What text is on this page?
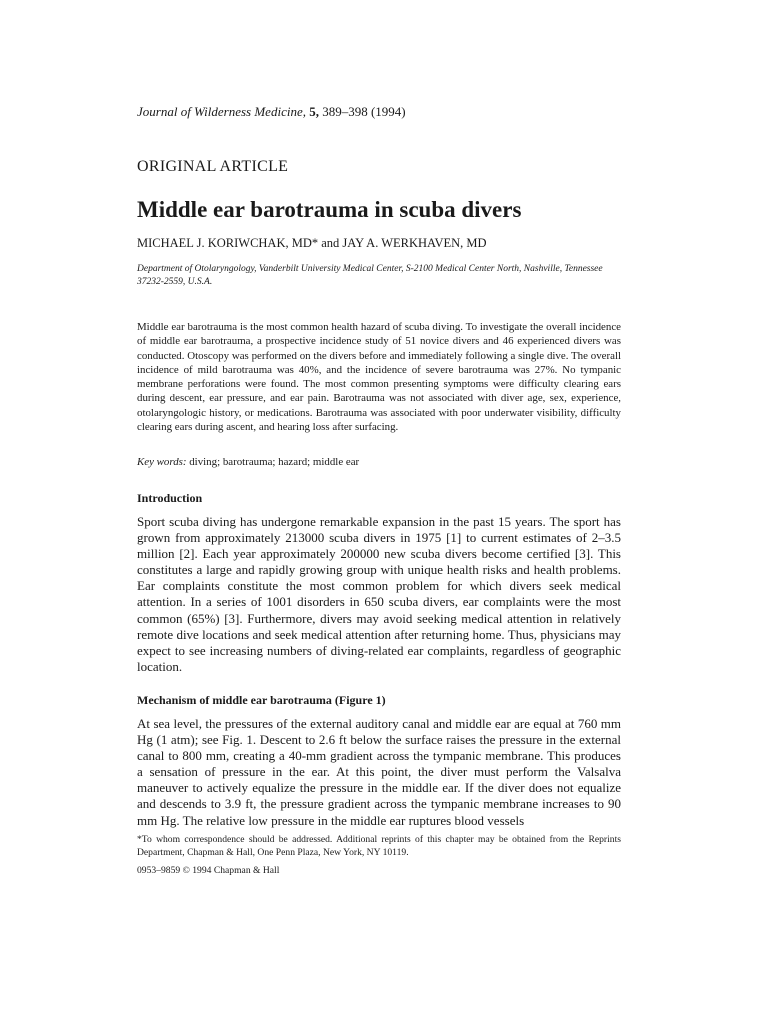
Journal of Wilderness Medicine, 5, 389–398 (1994)
ORIGINAL ARTICLE
Middle ear barotrauma in scuba divers
MICHAEL J. KORIWCHAK, MD* and JAY A. WERKHAVEN, MD
Department of Otolaryngology, Vanderbilt University Medical Center, S-2100 Medical Center North, Nashville, Tennessee 37232-2559, U.S.A.
Middle ear barotrauma is the most common health hazard of scuba diving. To investigate the overall incidence of middle ear barotrauma, a prospective incidence study of 51 novice divers and 46 experienced divers was conducted. Otoscopy was performed on the divers before and immediately following a single dive. The overall incidence of mild barotrauma was 40%, and the incidence of severe barotrauma was 27%. No tympanic membrane perforations were found. The most common presenting symptoms were difficulty clearing ears during descent, ear pressure, and ear pain. Barotrauma was not associated with diver age, sex, experience, otolaryngologic history, or medications. Barotrauma was associated with poor underwater visibility, difficulty clearing ears during ascent, and hearing loss after surfacing.
Key words: diving; barotrauma; hazard; middle ear
Introduction
Sport scuba diving has undergone remarkable expansion in the past 15 years. The sport has grown from approximately 213000 scuba divers in 1975 [1] to current estimates of 2–3.5 million [2]. Each year approximately 200000 new scuba divers become certified [3]. This constitutes a large and rapidly growing group with unique health risks and health problems. Ear complaints constitute the most common problem for which divers seek medical attention. In a series of 1001 disorders in 650 scuba divers, ear complaints were the most common (65%) [3]. Furthermore, divers may avoid seeking medical attention in relatively remote dive locations and seek medical attention after returning home. Thus, physicians may expect to see increasing numbers of diving-related ear complaints, regardless of geographic location.
Mechanism of middle ear barotrauma (Figure 1)
At sea level, the pressures of the external auditory canal and middle ear are equal at 760 mm Hg (1 atm); see Fig. 1. Descent to 2.6 ft below the surface raises the pressure in the external canal to 800 mm, creating a 40-mm gradient across the tympanic membrane. This produces a sensation of pressure in the ear. At this point, the diver must perform the Valsalva maneuver to actively equalize the pressure in the middle ear. If the diver does not equalize and descends to 3.9 ft, the pressure gradient across the tympanic membrane increases to 90 mm Hg. The relative low pressure in the middle ear ruptures blood vessels
*To whom correspondence should be addressed. Additional reprints of this chapter may be obtained from the Reprints Department, Chapman & Hall, One Penn Plaza, New York, NY 10119.
0953–9859 © 1994 Chapman & Hall
